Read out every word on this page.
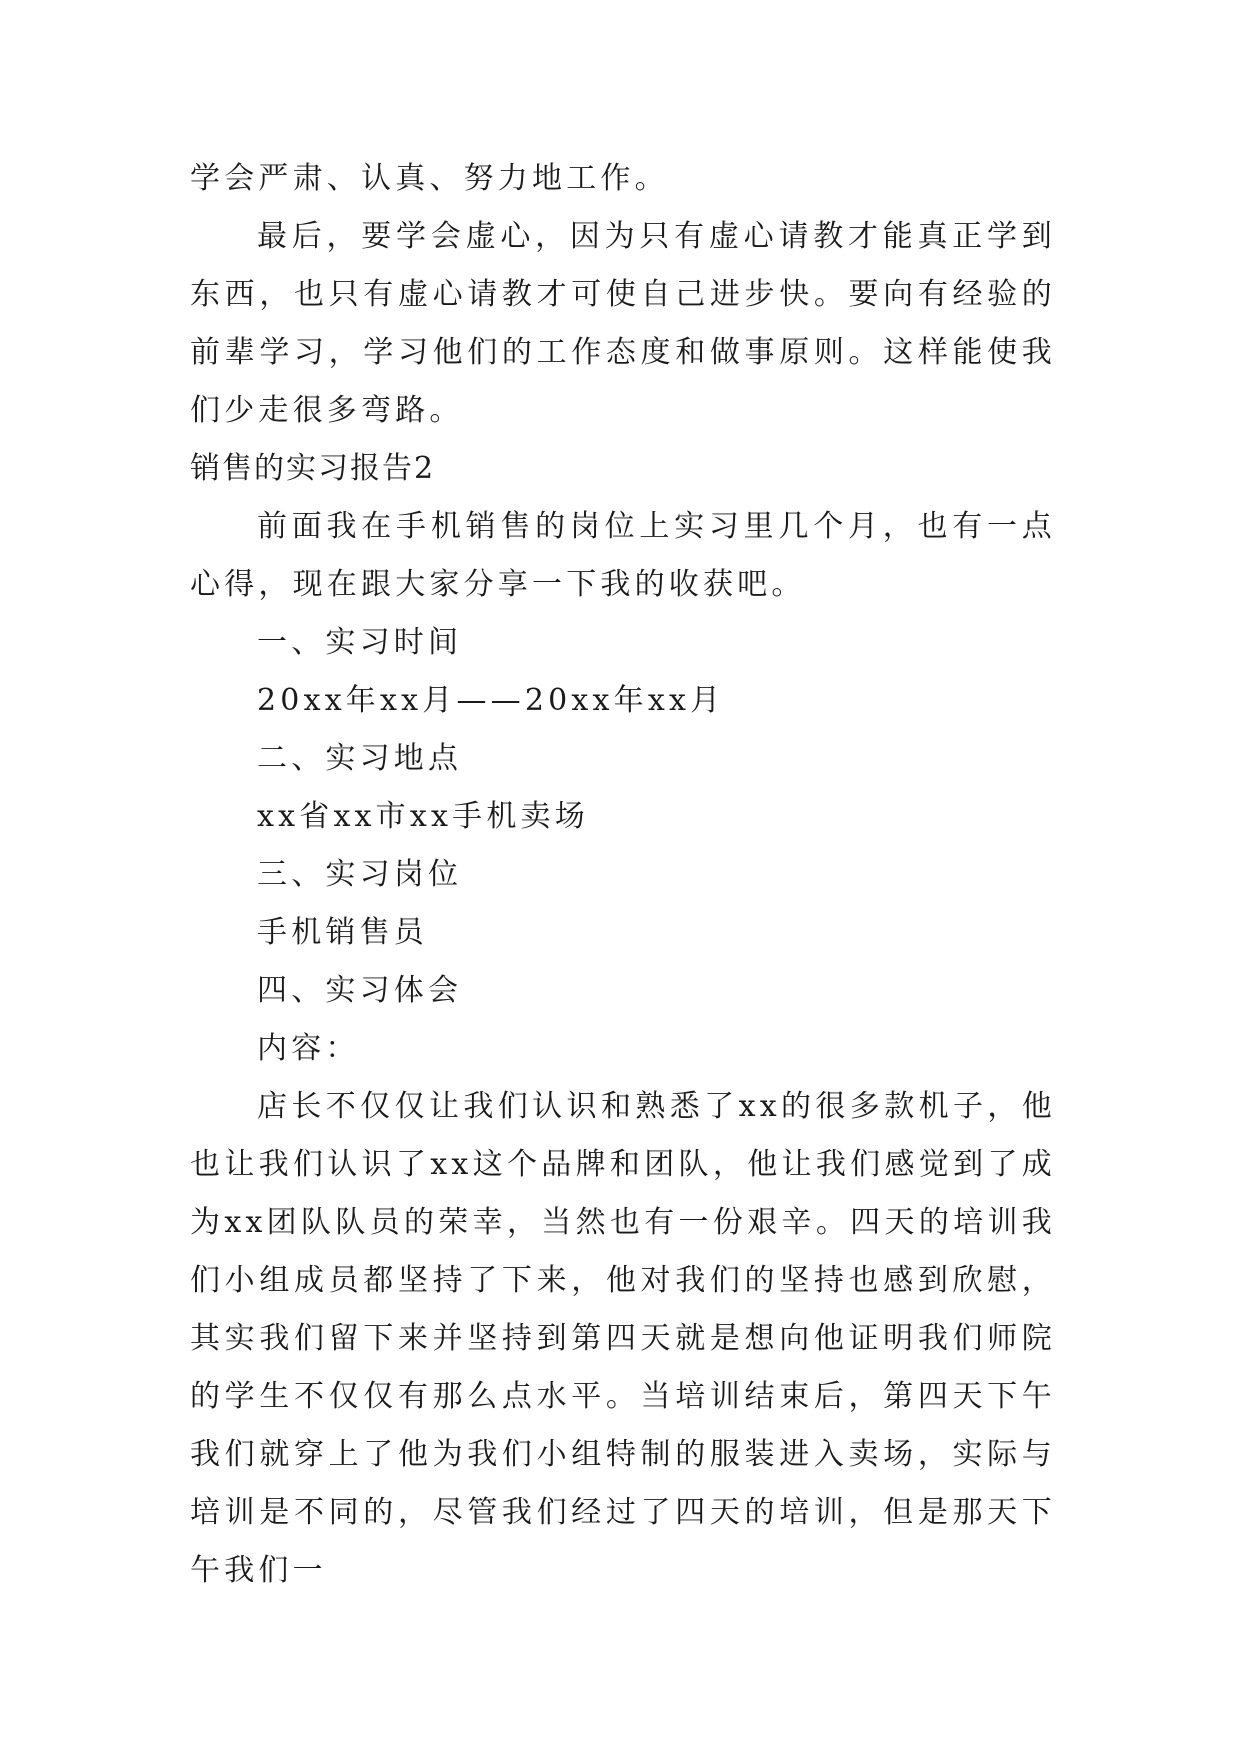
学会严肃、认真、努力地工作。

最后，要学会虚心，因为只有虚心请教才能真正学到东西，也只有虚心请教才可使自己进步快。要向有经验的前辈学习，学习他们的工作态度和做事原则。这样能使我们少走很多弯路。

销售的实习报告2

前面我在手机销售的岗位上实习里几个月，也有一点心得，现在跟大家分享一下我的收获吧。

一、实习时间

20xx年xx月——20xx年xx月

二、实习地点

xx省xx市xx手机卖场

三、实习岗位

手机销售员

四、实习体会

内容：

店长不仅仅让我们认识和熟悉了xx的很多款机子，他也让我们认识了xx这个品牌和团队，他让我们感觉到了成为xx团队队员的荣幸，当然也有一份艰辛。四天的培训我们小组成员都坚持了下来，他对我们的坚持也感到欣慰，其实我们留下来并坚持到第四天就是想向他证明我们师院的学生不仅仅有那么点水平。当培训结束后，第四天下午我们就穿上了他为我们小组特制的服装进入卖场，实际与培训是不同的，尽管我们经过了四天的培训，但是那天下午我们一
